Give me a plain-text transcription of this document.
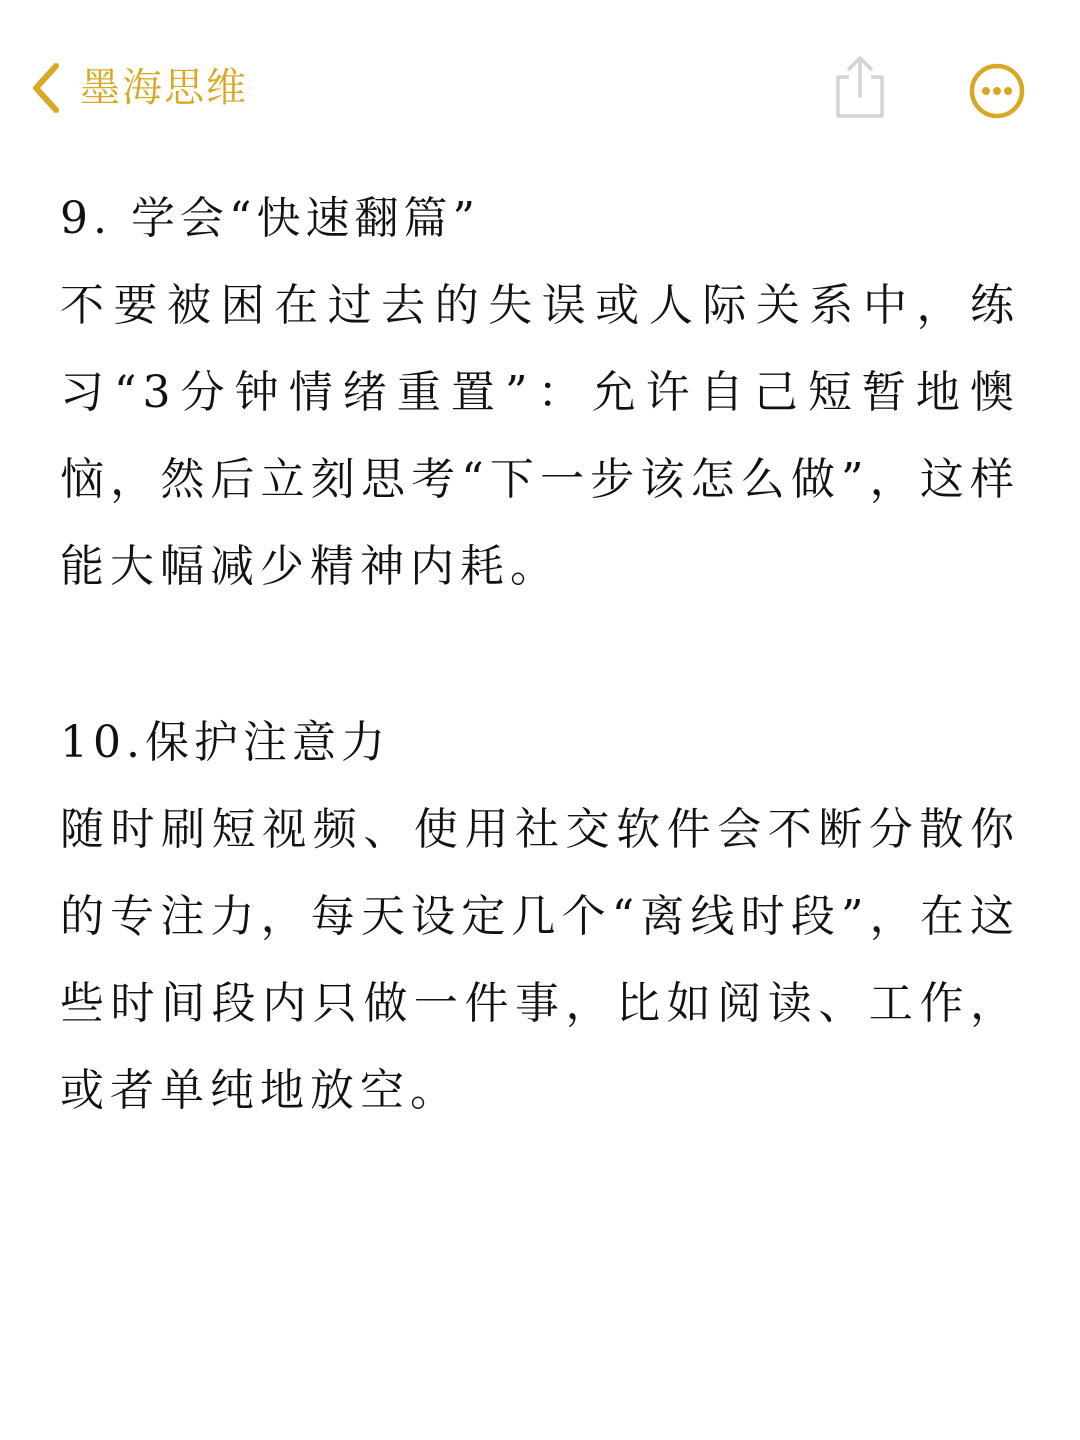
墨海思维
9. 学会“快速翻篇”

不要被困在过去的失误或人际关系中，练习“3分钟情绪重置”：允许自己短暂地懊恼，然后立刻思考“下一步该怎么做”，这样能大幅减少精神内耗。

10.保护注意力

随时刷短视频、使用社交软件会不断分散你的专注力，每天设定几个“离线时段”，在这些时间段内只做一件事，比如阅读、工作，或者单纯地放空。
